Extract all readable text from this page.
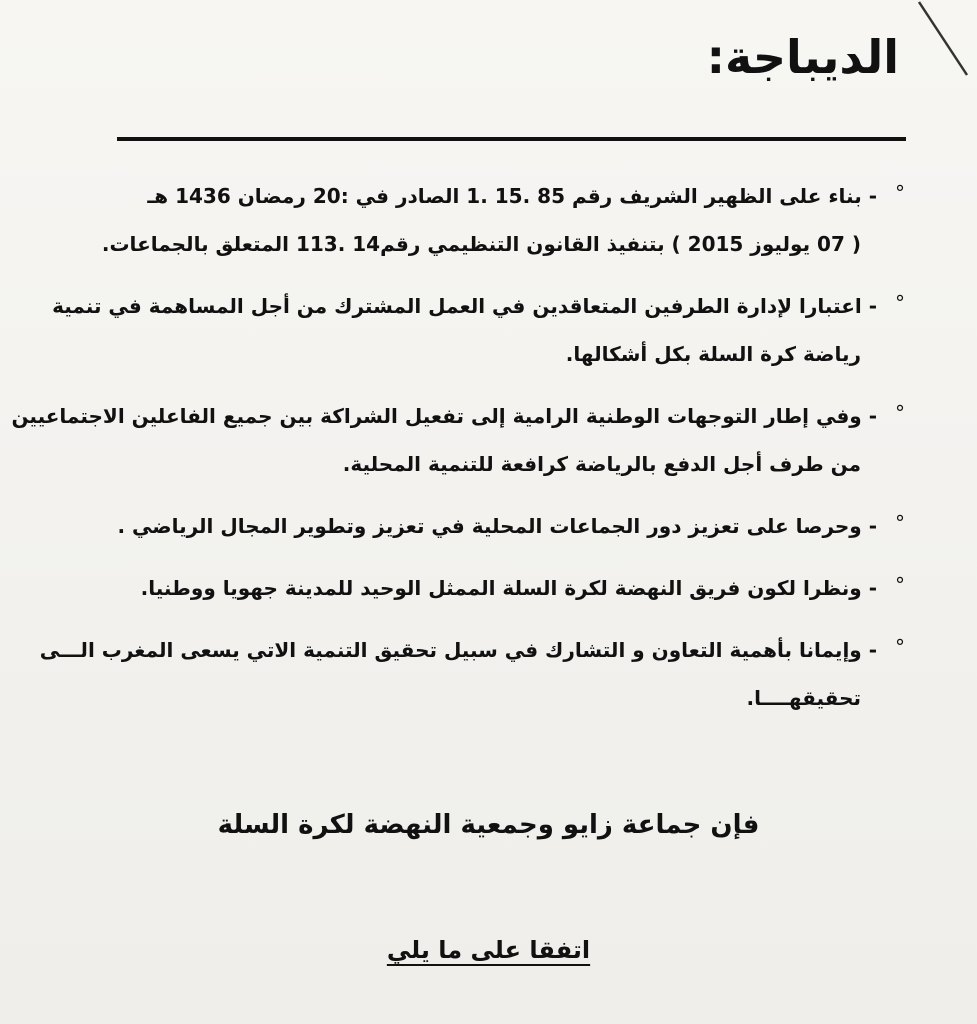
الديباجة:
°
- بناء على الظهير الشريف رقم 85 .15 .1 الصادر في :20 رمضان 1436 هـ
( 07 يوليوز 2015 ) بتنفيذ القانون التنظيمي رقم14 .113 المتعلق بالجماعات.
°
- اعتبارا لإدارة الطرفين المتعاقدين في العمل المشترك من أجل المساهمة في تنمية
رياضة كرة السلة بكل أشكالها.
°
- وفي إطار التوجهات الوطنية الرامية إلى تفعيل الشراكة بين جميع الفاعلين الاجتماعيين
من طرف أجل الدفع بالرياضة كرافعة للتنمية المحلية.
°
- وحرصا على تعزيز دور الجماعات المحلية في تعزيز وتطوير المجال الرياضي .
°
- ونظرا لكون فريق النهضة لكرة السلة الممثل الوحيد للمدينة جهويا ووطنيا.
°
- وإيمانا بأهمية التعاون و التشارك في سبيل تحقيق التنمية الاتي يسعى المغرب الـــى
تحقيقهــــا.
فإن جماعة زايو وجمعية النهضة لكرة السلة
اتفقا على ما يلي
